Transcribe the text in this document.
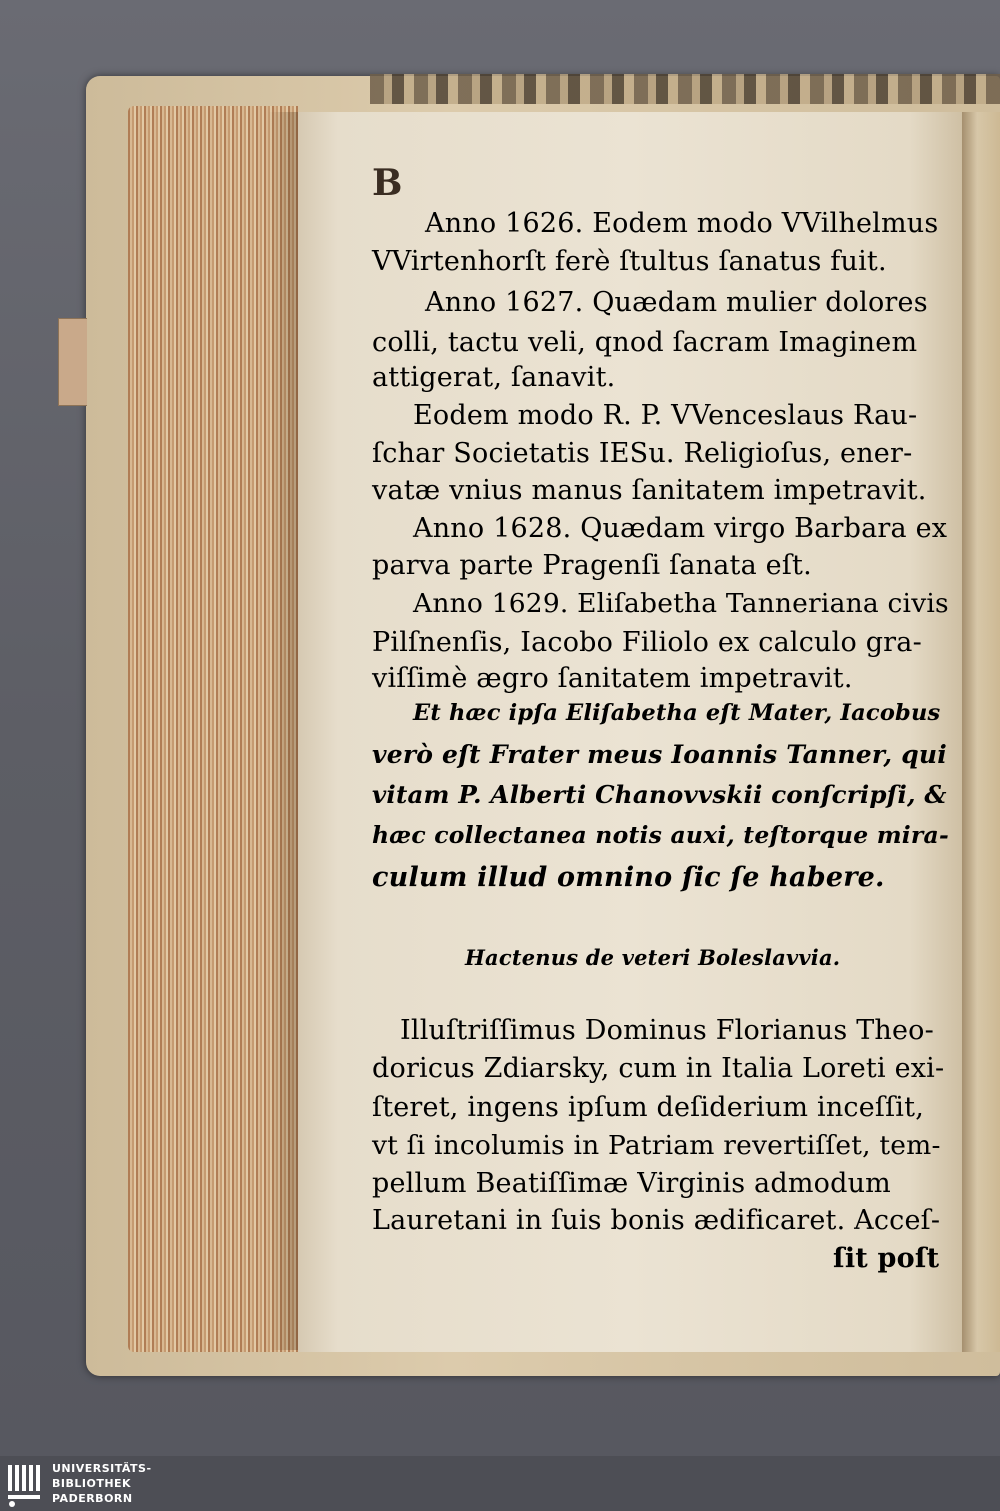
B
Anno 1626. Eodem modo VVilhelmus
VVirtenhorſt ferè ſtultus ſanatus fuit.
Anno 1627. Quædam mulier dolores
colli, tactu veli, qnod ſacram Imaginem
attigerat, ſanavit.
Eodem modo R. P. VVenceslaus Rau-
ſchar Societatis IESu. Religioſus, ener-
vatæ vnius manus ſanitatem impetravit.
Anno 1628. Quædam virgo Barbara ex
parva parte Pragenſi ſanata eſt.
Anno 1629. Eliſabetha Tanneriana civis
Pilſnenſis, Iacobo Filiolo ex calculo gra-
viſſimè ægro ſanitatem impetravit.
Et hæc ipſa Eliſabetha eſt Mater, Iacobus
verò eſt Frater meus Ioannis Tanner, qui
vitam P. Alberti Chanovvskii conſcripſi, &
hæc collectanea notis auxi, teſtorque mira-
culum illud omnino ſic ſe habere.
Hactenus de veteri Boleslavvia.
Illuſtriſſimus Dominus Florianus Theo-
doricus Zdiarsky, cum in Italia Loreti exi-
ſteret, ingens ipſum deſiderium inceſſit,
vt ſi incolumis in Patriam revertiſſet, tem-
pellum Beatiſſimæ Virginis admodum
Lauretani in ſuis bonis ædificaret. Acceſ-
ſit poſt
UNIVERSITÄTS-
BIBLIOTHEK
PADERBORN
